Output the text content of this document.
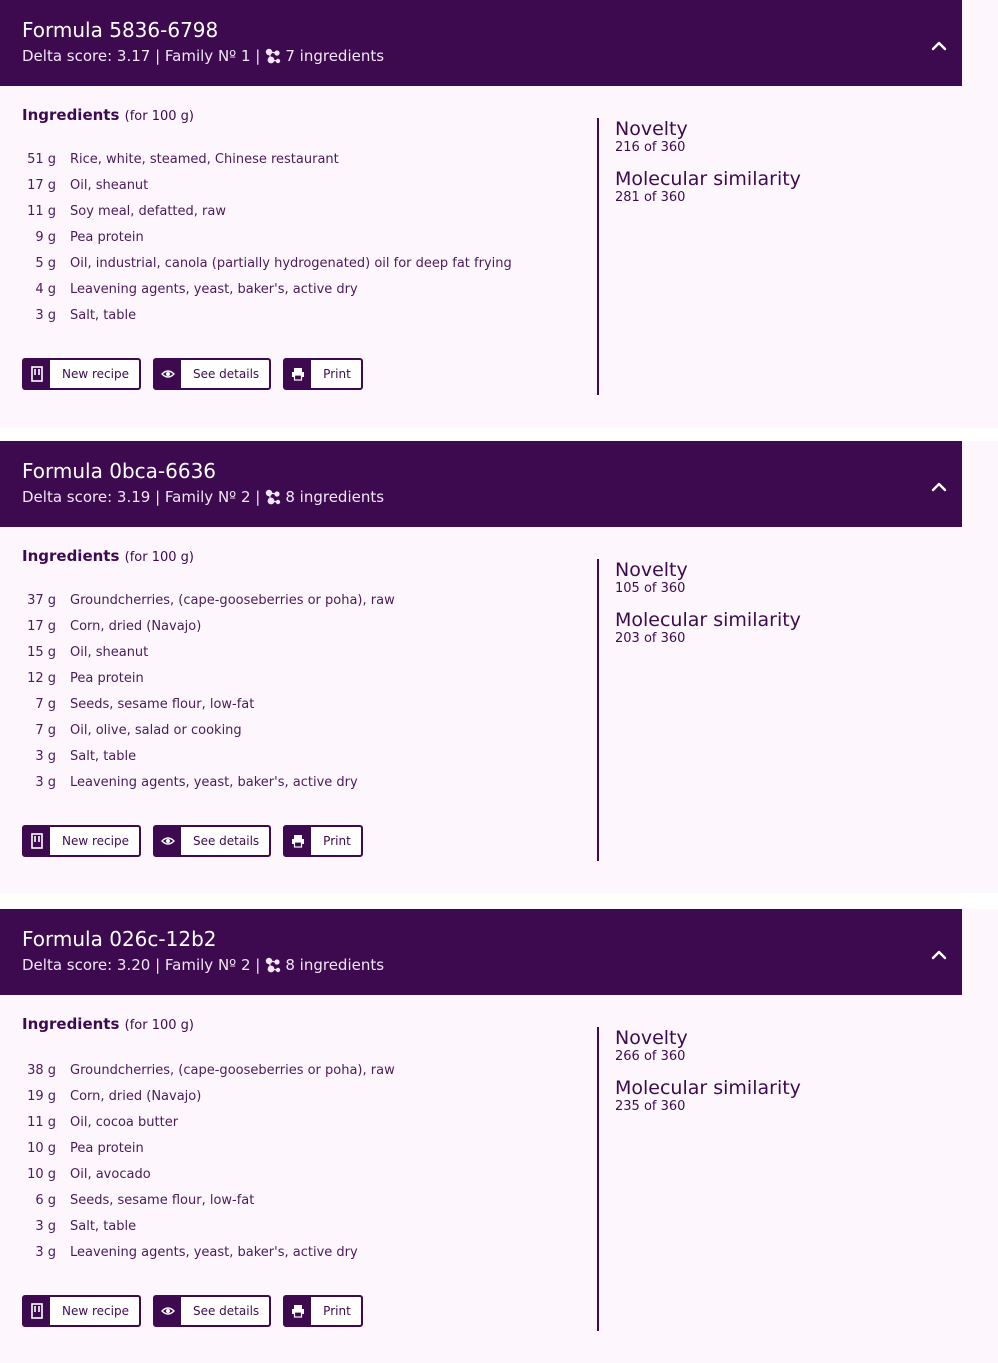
Formula 5836-6798
Delta score: 3.17 | Family Nº 1 | 7 ingredients
Ingredients (for 100 g)
51 g Rice, white, steamed, Chinese restaurant
17 g Oil, sheanut
11 g Soy meal, defatted, raw
9 g Pea protein
5 g Oil, industrial, canola (partially hydrogenated) oil for deep fat frying
4 g Leavening agents, yeast, baker's, active dry
3 g Salt, table
New recipe	See details	Print
Novelty
216 of 360
Molecular similarity
281 of 360
Formula 0bca-6636
Delta score: 3.19 | Family Nº 2 | 8 ingredients
Ingredients (for 100 g)
37 g Groundcherries, (cape-gooseberries or poha), raw
17 g Corn, dried (Navajo)
15 g Oil, sheanut
12 g Pea protein
7 g Seeds, sesame flour, low-fat
7 g Oil, olive, salad or cooking
3 g Salt, table
3 g Leavening agents, yeast, baker's, active dry
New recipe	See details	Print
Novelty
105 of 360
Molecular similarity
203 of 360
Formula 026c-12b2
Delta score: 3.20 | Family Nº 2 | 8 ingredients
Ingredients (for 100 g)
38 g Groundcherries, (cape-gooseberries or poha), raw
19 g Corn, dried (Navajo)
11 g Oil, cocoa butter
10 g Pea protein
10 g Oil, avocado
6 g Seeds, sesame flour, low-fat
3 g Salt, table
3 g Leavening agents, yeast, baker's, active dry
New recipe	See details	Print
Novelty
266 of 360
Molecular similarity
235 of 360
